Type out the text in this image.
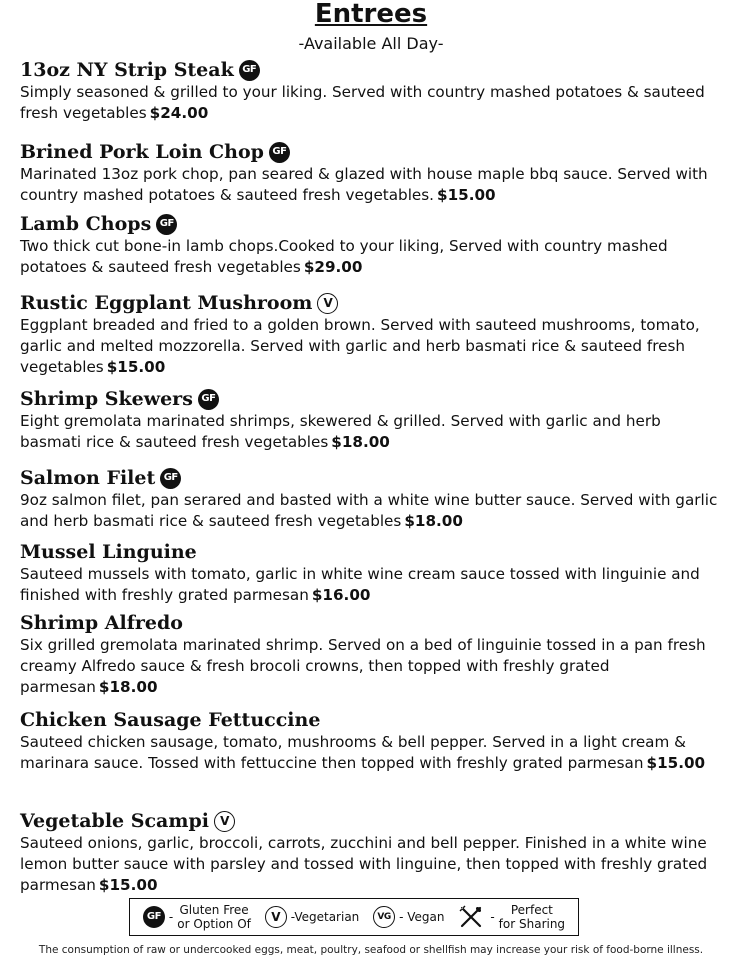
Entrees
-Available All Day-
13oz NY Strip Steak GF
Simply seasoned & grilled to your liking. Served with country mashed potatoes & sauteed fresh vegetables $24.00
Brined Pork Loin Chop GF
Marinated 13oz pork chop, pan seared & glazed with house maple bbq sauce. Served with country mashed potatoes & sauteed fresh vegetables. $15.00
Lamb Chops GF
Two thick cut bone-in lamb chops.Cooked to your liking, Served with country mashed potatoes & sauteed fresh vegetables $29.00
Rustic Eggplant Mushroom V
Eggplant breaded and fried to a golden brown. Served with sauteed mushrooms, tomato, garlic and melted mozzorella. Served with garlic and herb basmati rice & sauteed fresh vegetables $15.00
Shrimp Skewers GF
Eight gremolata marinated shrimps, skewered & grilled. Served with garlic and herb basmati rice & sauteed fresh vegetables $18.00
Salmon Filet GF
9oz salmon filet, pan serared and basted with a white wine butter sauce. Served with garlic and herb basmati rice & sauteed fresh vegetables $18.00
Mussel Linguine
Sauteed mussels with tomato, garlic in white wine cream sauce tossed with linguinie and finished with freshly grated parmesan $16.00
Shrimp Alfredo
Six grilled gremolata marinated shrimp. Served on a bed of linguinie tossed in a pan fresh creamy Alfredo sauce & fresh brocoli crowns, then topped with freshly grated parmesan $18.00
Chicken Sausage Fettuccine
Sauteed chicken sausage, tomato, mushrooms & bell pepper. Served in a light cream & marinara sauce. Tossed with fettuccine then topped with freshly grated parmesan $15.00
Vegetable Scampi V
Sauteed onions, garlic, broccoli, carrots, zucchini and bell pepper. Finished in a white wine lemon butter sauce with parsley and tossed with linguine, then topped with freshly grated parmesan $15.00
GF - Gluten Free
or Option Of	V -Vegetarian	VG - Vegan	-	Perfect
for Sharing
The consumption of raw or undercooked eggs, meat, poultry, seafood or shellfish may increase your risk of food-borne illness.
